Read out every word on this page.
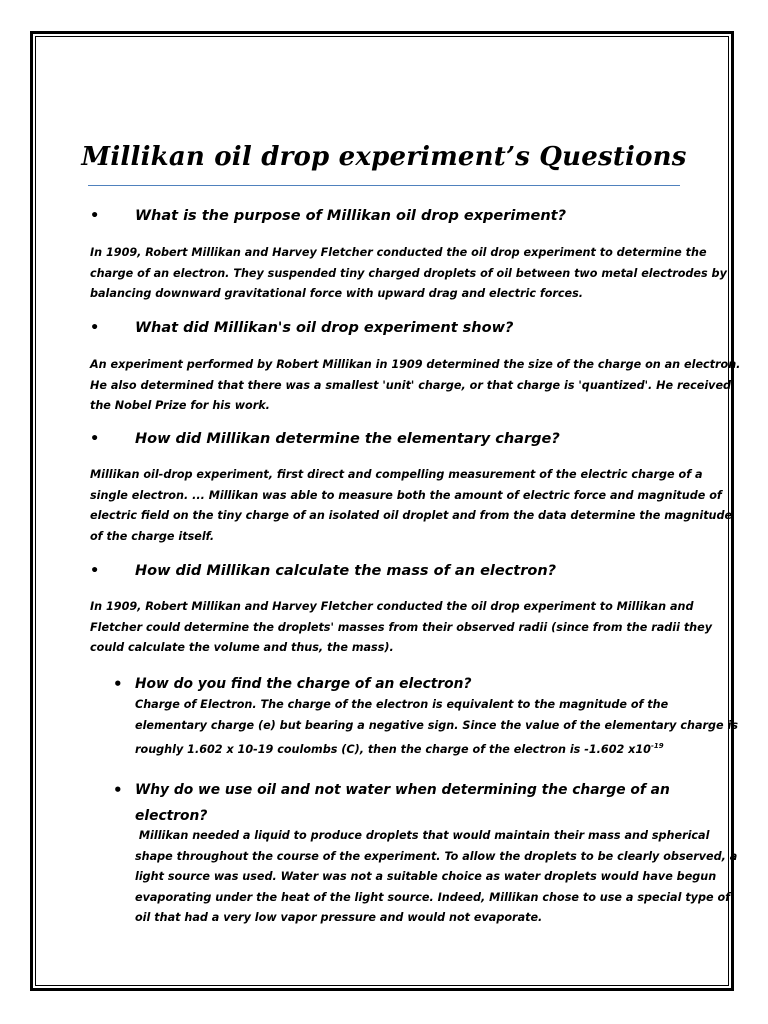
Millikan oil drop experiment’s Questions
• What is the purpose of Millikan oil drop experiment?

In 1909, Robert Millikan and Harvey Fletcher conducted the oil drop experiment to determine the

charge of an electron. They suspended tiny charged droplets of oil between two metal electrodes by

balancing downward gravitational force with upward drag and electric forces.

• What did Millikan's oil drop experiment show?

An experiment performed by Robert Millikan in 1909 determined the size of the charge on an electron.

He also determined that there was a smallest 'unit' charge, or that charge is 'quantized'. He received

the Nobel Prize for his work.

• How did Millikan determine the elementary charge?

Millikan oil-drop experiment, first direct and compelling measurement of the electric charge of a

single electron. ... Millikan was able to measure both the amount of electric force and magnitude of

electric field on the tiny charge of an isolated oil droplet and from the data determine the magnitude

of the charge itself.

• How did Millikan calculate the mass of an electron?

In 1909, Robert Millikan and Harvey Fletcher conducted the oil drop experiment to Millikan and

Fletcher could determine the droplets' masses from their observed radii (since from the radii they

could calculate the volume and thus, the mass).

• How do you find the charge of an electron?

Charge of Electron. The charge of the electron is equivalent to the magnitude of the

elementary charge (e) but bearing a negative sign. Since the value of the elementary charge is

roughly 1.602 x 10-19 coulombs (C), then the charge of the electron is -1.602 $x10^{-19}$

• Why do we use oil and not water when determining the charge of an
electron?

Millikan needed a liquid to produce droplets that would maintain their mass and spherical

shape throughout the course of the experiment. To allow the droplets to be clearly observed, a

light source was used. Water was not a suitable choice as water droplets would have begun

evaporating under the heat of the light source. Indeed, Millikan chose to use a special type of

oil that had a very low vapor pressure and would not evaporate.
